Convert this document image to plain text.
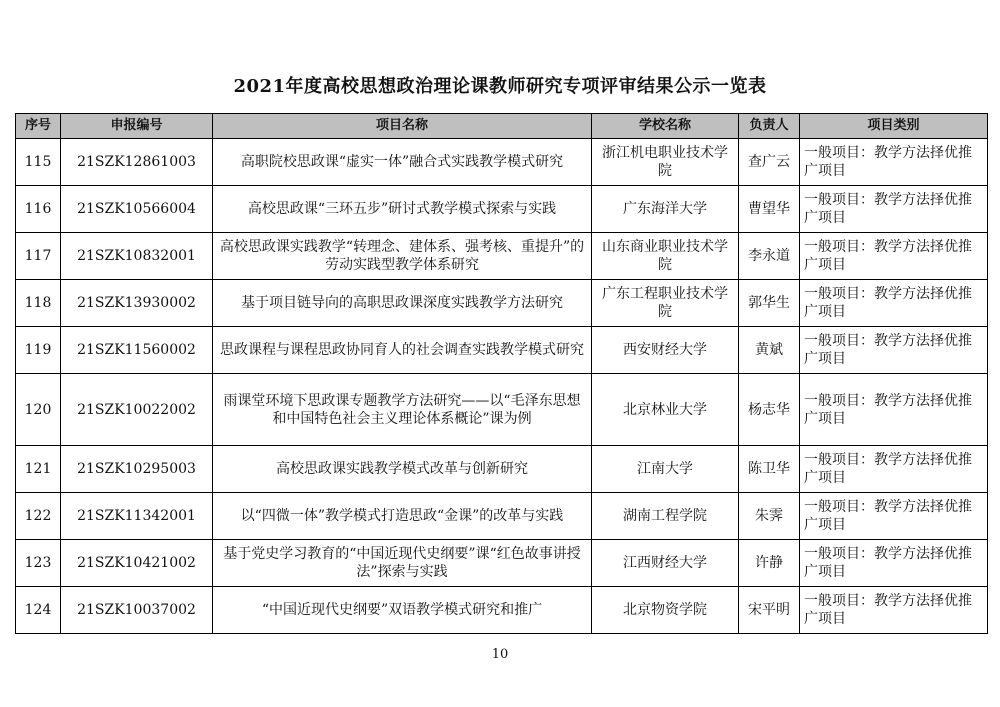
2021年度高校思想政治理论课教师研究专项评审结果公示一览表
序号	申报编号	项目名称	学校名称	负责人	项目类别
115	21SZK12861003	高职院校思政课“虚实一体”融合式实践教学模式研究	浙江机电职业技术学院	查广云	一般项目：教学方法择优推广项目
116	21SZK10566004	高校思政课“三环五步”研讨式教学模式探索与实践	广东海洋大学	曹望华	一般项目：教学方法择优推广项目
117	21SZK10832001	高校思政课实践教学“转理念、建体系、强考核、重提升”的劳动实践型教学体系研究	山东商业职业技术学院	李永道	一般项目：教学方法择优推广项目
118	21SZK13930002	基于项目链导向的高职思政课深度实践教学方法研究	广东工程职业技术学院	郭华生	一般项目：教学方法择优推广项目
119	21SZK11560002	思政课程与课程思政协同育人的社会调查实践教学模式研究	西安财经大学	黄斌	一般项目：教学方法择优推广项目
120	21SZK10022002	雨课堂环境下思政课专题教学方法研究——以“毛泽东思想和中国特色社会主义理论体系概论”课为例	北京林业大学	杨志华	一般项目：教学方法择优推广项目
121	21SZK10295003	高校思政课实践教学模式改革与创新研究	江南大学	陈卫华	一般项目：教学方法择优推广项目
122	21SZK11342001	以“四微一体”教学模式打造思政“金课”的改革与实践	湖南工程学院	朱霁	一般项目：教学方法择优推广项目
123	21SZK10421002	基于党史学习教育的“中国近现代史纲要”课“红色故事讲授法”探索与实践	江西财经大学	许静	一般项目：教学方法择优推广项目
124	21SZK10037002	“中国近现代史纲要”双语教学模式研究和推广	北京物资学院	宋平明	一般项目：教学方法择优推广项目
10
